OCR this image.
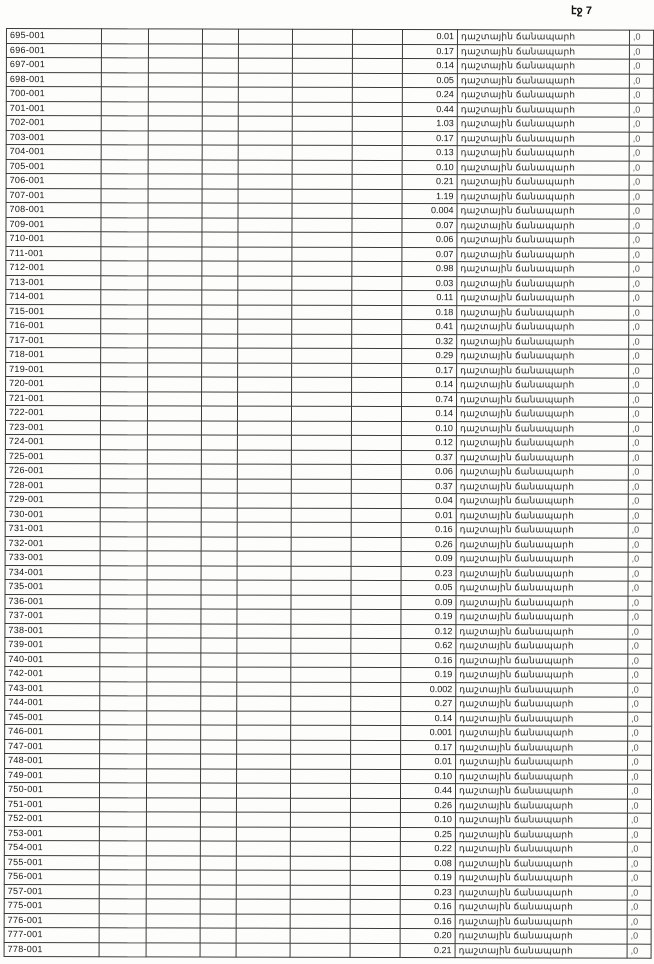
էջ 7
695-001							0.01	դաշտային ճանապարհ	,0
696-001							0.17	դաշտային ճանապարհ	,0
697-001							0.14	դաշտային ճանապարհ	,0
698-001							0.05	դաշտային ճանապարհ	,0
700-001							0.24	դաշտային ճանապարհ	,0
701-001							0.44	դաշտային ճանապարհ	,0
702-001							1.03	դաշտային ճանապարհ	,0
703-001							0.17	դաշտային ճանապարհ	,0
704-001							0.13	դաշտային ճանապարհ	,0
705-001							0.10	դաշտային ճանապարհ	,0
706-001							0.21	դաշտային ճանապարհ	,0
707-001							1.19	դաշտային ճանապարհ	,0
708-001							0.004	դաշտային ճանապարհ	,0
709-001							0.07	դաշտային ճանապարհ	,0
710-001							0.06	դաշտային ճանապարհ	,0
711-001							0.07	դաշտային ճանապարհ	,0
712-001							0.98	դաշտային ճանապարհ	,0
713-001							0.03	դաշտային ճանապարհ	,0
714-001							0.11	դաշտային ճանապարհ	,0
715-001							0.18	դաշտային ճանապարհ	,0
716-001							0.41	դաշտային ճանապարհ	,0
717-001							0.32	դաշտային ճանապարհ	,0
718-001							0.29	դաշտային ճանապարհ	,0
719-001							0.17	դաշտային ճանապարհ	,0
720-001							0.14	դաշտային ճանապարհ	,0
721-001							0.74	դաշտային ճանապարհ	,0
722-001							0.14	դաշտային ճանապարհ	,0
723-001							0.10	դաշտային ճանապարհ	,0
724-001							0.12	դաշտային ճանապարհ	,0
725-001							0.37	դաշտային ճանապարհ	,0
726-001							0.06	դաշտային ճանապարհ	,0
728-001							0.37	դաշտային ճանապարհ	,0
729-001							0.04	դաշտային ճանապարհ	,0
730-001							0.01	դաշտային ճանապարհ	,0
731-001							0.16	դաշտային ճանապարհ	,0
732-001							0.26	դաշտային ճանապարհ	,0
733-001							0.09	դաշտային ճանապարհ	,0
734-001							0.23	դաշտային ճանապարհ	,0
735-001							0.05	դաշտային ճանապարհ	,0
736-001							0.09	դաշտային ճանապարհ	,0
737-001							0.19	դաշտային ճանապարհ	,0
738-001							0.12	դաշտային ճանապարհ	,0
739-001							0.62	դաշտային ճանապարհ	,0
740-001							0.16	դաշտային ճանապարհ	,0
742-001							0.19	դաշտային ճանապարհ	,0
743-001							0.002	դաշտային ճանապարհ	,0
744-001							0.27	դաշտային ճանապարհ	,0
745-001							0.14	դաշտային ճանապարհ	,0
746-001							0.001	դաշտային ճանապարհ	,0
747-001							0.17	դաշտային ճանապարհ	,0
748-001							0.01	դաշտային ճանապարհ	,0
749-001							0.10	դաշտային ճանապարհ	,0
750-001							0.44	դաշտային ճանապարհ	,0
751-001							0.26	դաշտային ճանապարհ	,0
752-001							0.10	դաշտային ճանապարհ	,0
753-001							0.25	դաշտային ճանապարհ	,0
754-001							0.22	դաշտային ճանապարհ	,0
755-001							0.08	դաշտային ճանապարհ	,0
756-001							0.19	դաշտային ճանապարհ	,0
757-001							0.23	դաշտային ճանապարհ	,0
775-001							0.16	դաշտային ճանապարհ	,0
776-001							0.16	դաշտային ճանապարհ	,0
777-001							0.20	դաշտային ճանապարհ	,0
778-001							0.21	դաշտային ճանապարհ	,0
